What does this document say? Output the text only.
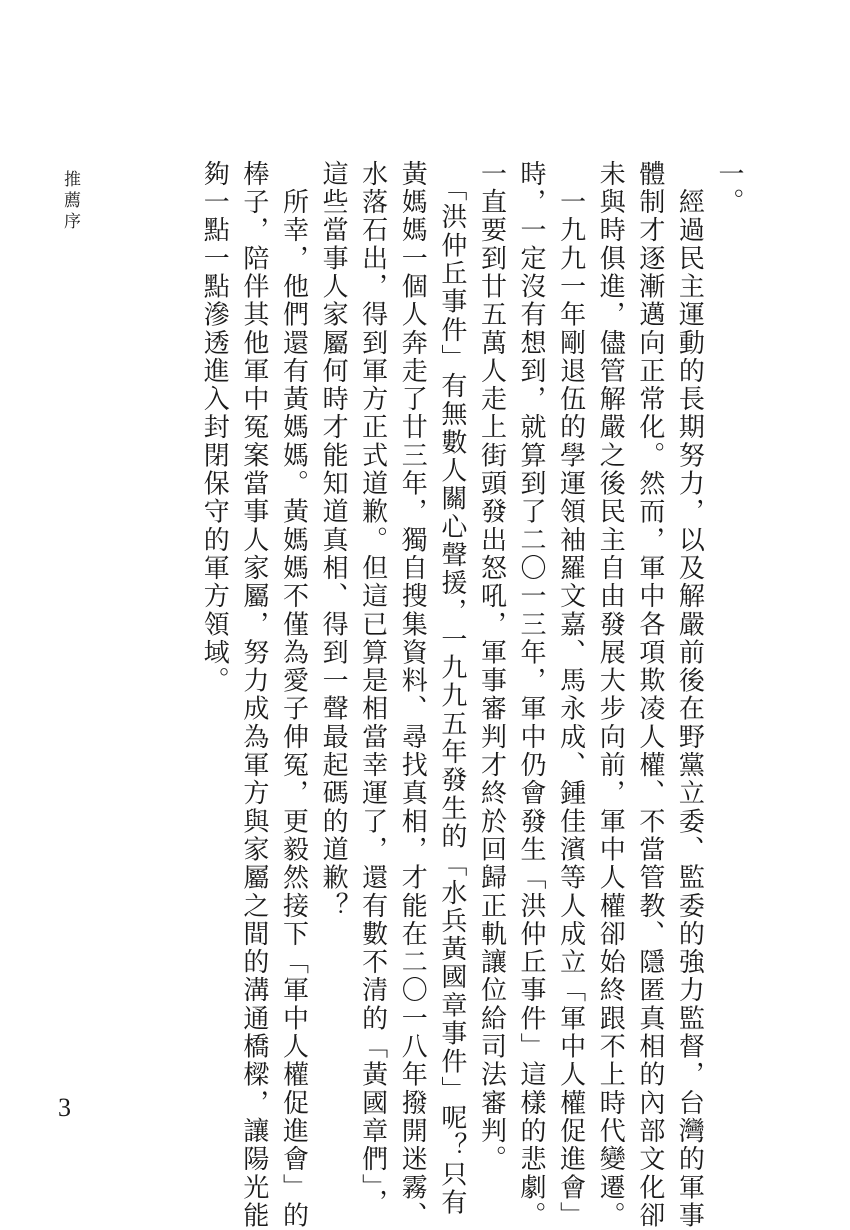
一。

　經過民主運動的長期努力，以及解嚴前後在野黨立委、監委的強力監督，台灣的軍事

體制才逐漸邁向正常化。然而，軍中各項欺凌人權、不當管教、隱匿真相的內部文化卻

未與時俱進，儘管解嚴之後民主自由發展大步向前，軍中人權卻始終跟不上時代變遷。

　一九九一年剛退伍的學運領袖羅文嘉、馬永成、鍾佳濱等人成立「軍中人權促進會」

時，一定沒有想到，就算到了二〇一三年，軍中仍會發生「洪仲丘事件」這樣的悲劇。

一直要到廿五萬人走上街頭發出怒吼，軍事審判才終於回歸正軌讓位給司法審判。

　「洪仲丘事件」有無數人關心聲援，一九九五年發生的「水兵黃國章事件」呢？只有

黃媽媽一個人奔走了廿三年，獨自搜集資料、尋找真相，才能在二〇一八年撥開迷霧、

水落石出，得到軍方正式道歉。但這已算是相當幸運了，還有數不清的「黃國章們」，

這些當事人家屬何時才能知道真相、得到一聲最起碼的道歉？

　所幸，他們還有黃媽媽。黃媽媽不僅為愛子伸冤，更毅然接下「軍中人權促進會」的

棒子，陪伴其他軍中冤案當事人家屬，努力成為軍方與家屬之間的溝通橋樑，讓陽光能

夠一點一點滲透進入封閉保守的軍方領域。

推薦序
3
